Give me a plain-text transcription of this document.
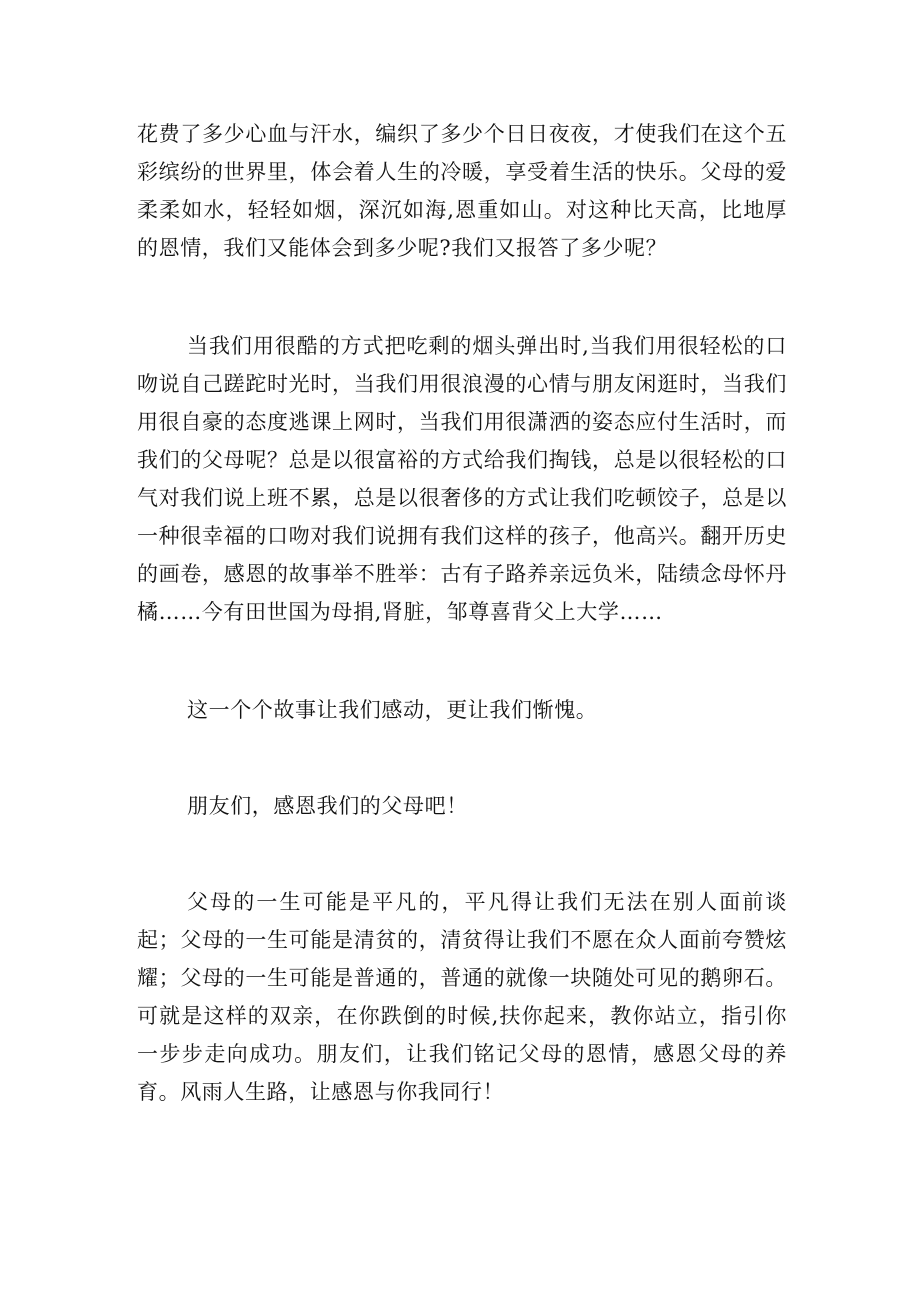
花费了多少心血与汗水，编织了多少个日日夜夜，才使我们在这个五彩缤纷的世界里，体会着人生的冷暖，享受着生活的快乐。父母的爱柔柔如水，轻轻如烟，深沉如海,恩重如山。对这种比天高，比地厚的恩情，我们又能体会到多少呢?我们又报答了多少呢？

当我们用很酷的方式把吃剩的烟头弹出时,当我们用很轻松的口吻说自己蹉跎时光时，当我们用很浪漫的心情与朋友闲逛时，当我们用很自豪的态度逃课上网时，当我们用很潇洒的姿态应付生活时，而我们的父母呢？总是以很富裕的方式给我们掏钱，总是以很轻松的口气对我们说上班不累，总是以很奢侈的方式让我们吃顿饺子，总是以一种很幸福的口吻对我们说拥有我们这样的孩子，他高兴。翻开历史的画卷，感恩的故事举不胜举：古有子路养亲远负米，陆绩念母怀丹橘……今有田世国为母捐,肾脏，邹尊喜背父上大学……

这一个个故事让我们感动，更让我们惭愧。

朋友们，感恩我们的父母吧！

父母的一生可能是平凡的，平凡得让我们无法在别人面前谈起；父母的一生可能是清贫的，清贫得让我们不愿在众人面前夸赞炫耀；父母的一生可能是普通的，普通的就像一块随处可见的鹅卵石。可就是这样的双亲，在你跌倒的时候,扶你起来，教你站立，指引你一步步走向成功。朋友们，让我们铭记父母的恩情，感恩父母的养育。风雨人生路，让感恩与你我同行！
